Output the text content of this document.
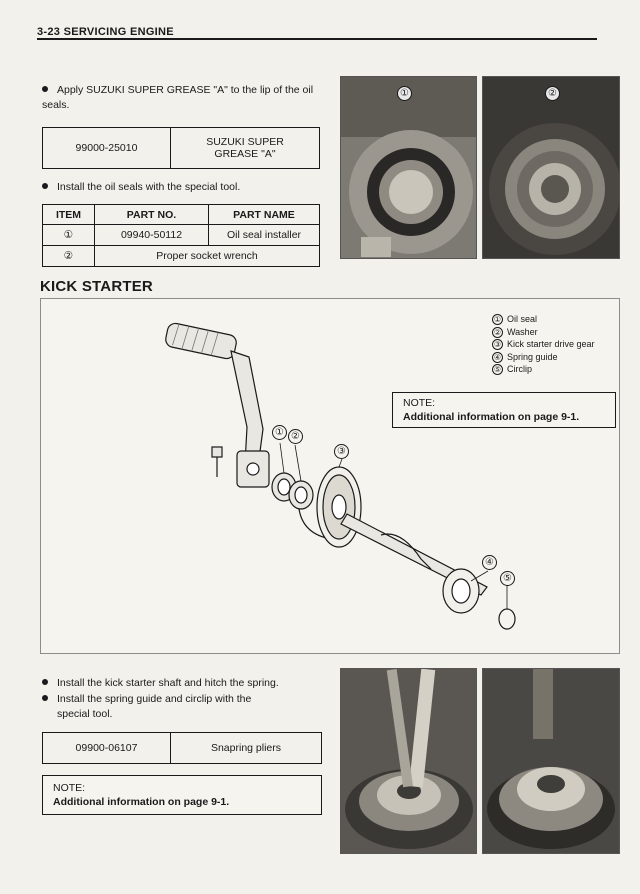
3-23 SERVICING ENGINE
Apply SUZUKI SUPER GREASE "A" to the lip of the oil seals.
99000-25010	SUZUKI SUPER
GREASE "A"
Install the oil seals with the special tool.
ITEM	PART NO.	PART NAME
①	09940-50112	Oil seal installer
②	Proper socket wrench	
①	②
KICK STARTER
① ②
③
④
⑤
① Oil seal
② Washer
③ Kick starter drive gear
④ Spring guide
⑤ Circlip
NOTE:
Additional information on page 9-1.
Install the kick starter shaft and hitch the spring.
Install the spring guide and circlip with the
special tool.
09900-06107	Snapring pliers
NOTE:
Additional information on page 9-1.
